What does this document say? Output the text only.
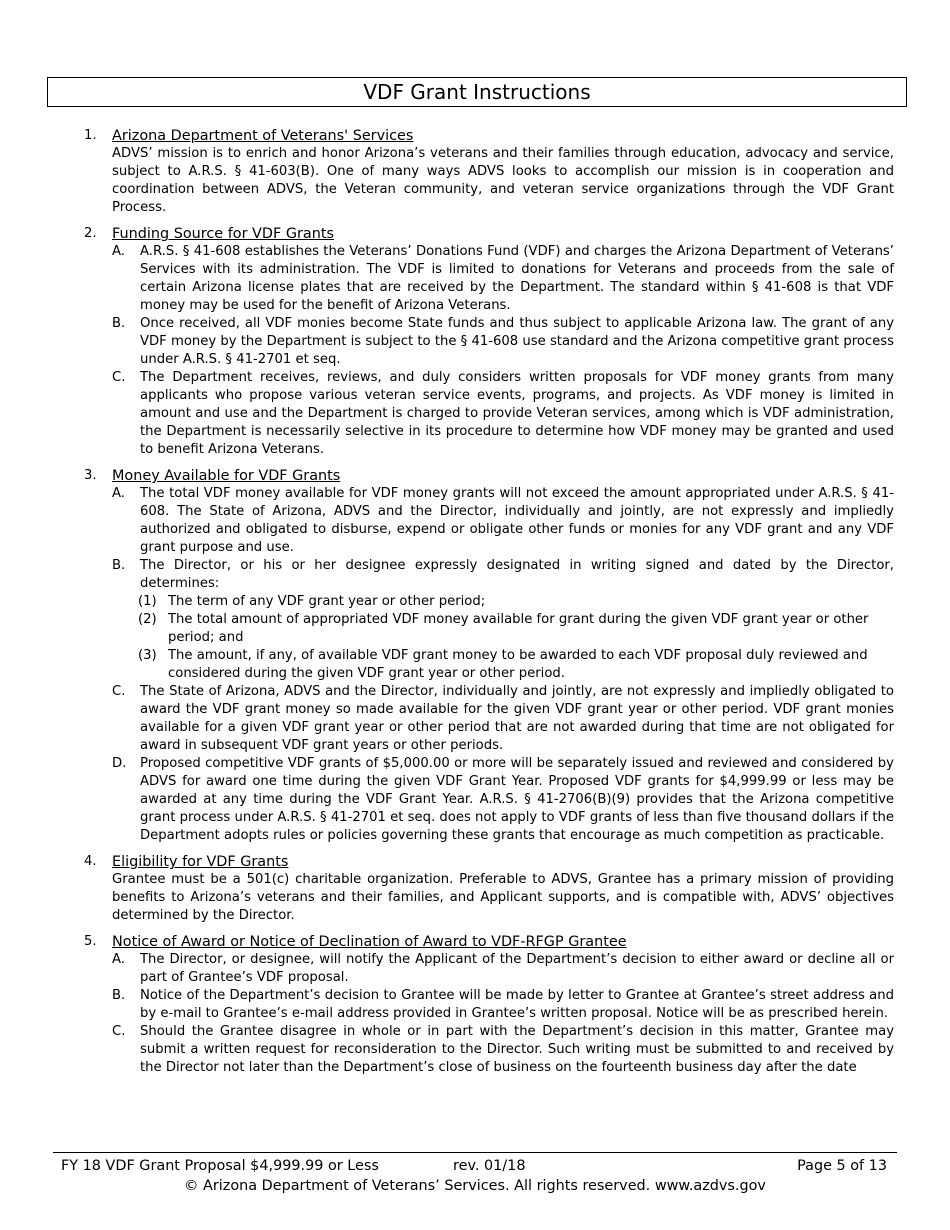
VDF Grant Instructions
1. Arizona Department of Veterans' Services
ADVS’ mission is to enrich and honor Arizona’s veterans and their families through education, advocacy and service, subject to A.R.S. § 41-603(B). One of many ways ADVS looks to accomplish our mission is in cooperation and coordination between ADVS, the Veteran community, and veteran service organizations through the VDF Grant Process.
2. Funding Source for VDF Grants
A. A.R.S. § 41-608 establishes the Veterans’ Donations Fund (VDF) and charges the Arizona Department of Veterans’ Services with its administration. The VDF is limited to donations for Veterans and proceeds from the sale of certain Arizona license plates that are received by the Department. The standard within § 41-608 is that VDF money may be used for the benefit of Arizona Veterans.
B. Once received, all VDF monies become State funds and thus subject to applicable Arizona law. The grant of any VDF money by the Department is subject to the § 41-608 use standard and the Arizona competitive grant process under A.R.S. § 41-2701 et seq.
C. The Department receives, reviews, and duly considers written proposals for VDF money grants from many applicants who propose various veteran service events, programs, and projects. As VDF money is limited in amount and use and the Department is charged to provide Veteran services, among which is VDF administration, the Department is necessarily selective in its procedure to determine how VDF money may be granted and used to benefit Arizona Veterans.
3. Money Available for VDF Grants
A. The total VDF money available for VDF money grants will not exceed the amount appropriated under A.R.S. § 41-608. The State of Arizona, ADVS and the Director, individually and jointly, are not expressly and impliedly authorized and obligated to disburse, expend or obligate other funds or monies for any VDF grant and any VDF grant purpose and use.
B. The Director, or his or her designee expressly designated in writing signed and dated by the Director, determines:
(1) The term of any VDF grant year or other period;
(2) The total amount of appropriated VDF money available for grant during the given VDF grant year or other period; and
(3) The amount, if any, of available VDF grant money to be awarded to each VDF proposal duly reviewed and considered during the given VDF grant year or other period.
C. The State of Arizona, ADVS and the Director, individually and jointly, are not expressly and impliedly obligated to award the VDF grant money so made available for the given VDF grant year or other period. VDF grant monies available for a given VDF grant year or other period that are not awarded during that time are not obligated for award in subsequent VDF grant years or other periods.
D. Proposed competitive VDF grants of $5,000.00 or more will be separately issued and reviewed and considered by ADVS for award one time during the given VDF Grant Year. Proposed VDF grants for $4,999.99 or less may be awarded at any time during the VDF Grant Year. A.R.S. § 41-2706(B)(9) provides that the Arizona competitive grant process under A.R.S. § 41-2701 et seq. does not apply to VDF grants of less than five thousand dollars if the Department adopts rules or policies governing these grants that encourage as much competition as practicable.
4. Eligibility for VDF Grants
Grantee must be a 501(c) charitable organization. Preferable to ADVS, Grantee has a primary mission of providing benefits to Arizona’s veterans and their families, and Applicant supports, and is compatible with, ADVS’ objectives determined by the Director.
5. Notice of Award or Notice of Declination of Award to VDF-RFGP Grantee
A. The Director, or designee, will notify the Applicant of the Department’s decision to either award or decline all or part of Grantee’s VDF proposal.
B. Notice of the Department’s decision to Grantee will be made by letter to Grantee at Grantee’s street address and by e-mail to Grantee’s e-mail address provided in Grantee’s written proposal. Notice will be as prescribed herein.
C. Should the Grantee disagree in whole or in part with the Department’s decision in this matter, Grantee may submit a written request for reconsideration to the Director. Such writing must be submitted to and received by the Director not later than the Department’s close of business on the fourteenth business day after the date
FY 18 VDF Grant Proposal $4,999.99 or Less	rev. 01/18	Page 5 of 13
© Arizona Department of Veterans’ Services. All rights reserved. www.azdvs.gov
